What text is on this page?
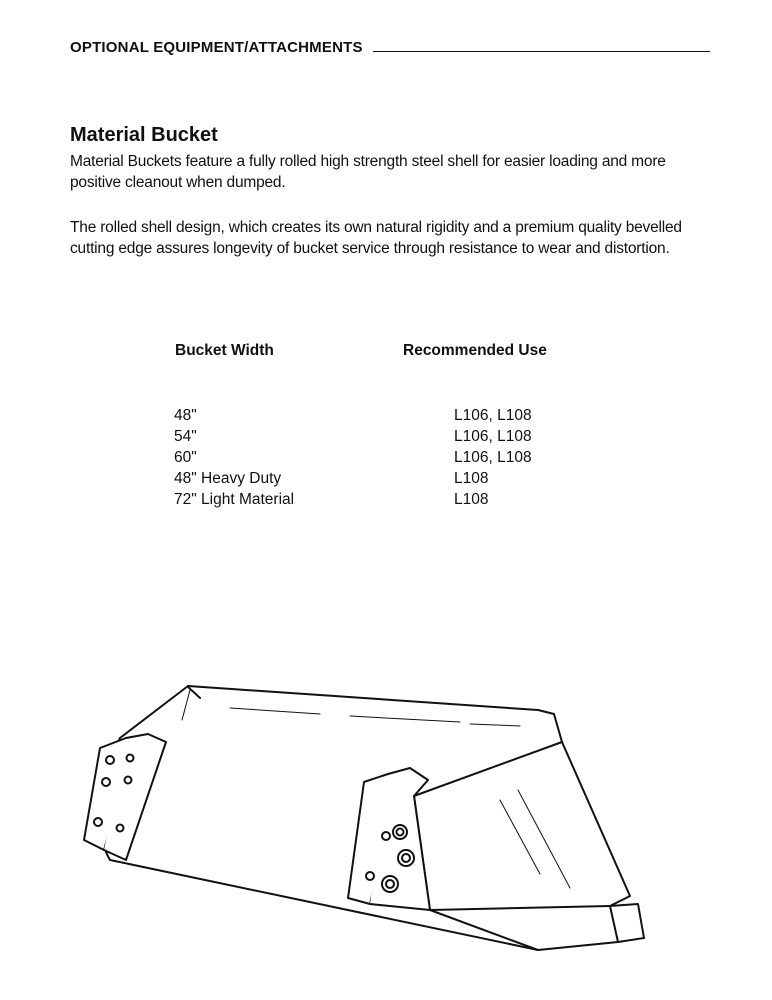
OPTIONAL EQUIPMENT/ATTACHMENTS
Material Bucket

Material Buckets feature a fully rolled high strength steel shell for easier loading and more positive cleanout when dumped.

The rolled shell design, which creates its own natural rigidity and a premium quality bevelled cutting edge assures longevity of bucket service through resistance to wear and distortion.

Bucket Width	Recommended Use
48"	L106, L108
54"	L106, L108
60"	L106, L108
48" Heavy Duty	L108
72" Light Material	L108
